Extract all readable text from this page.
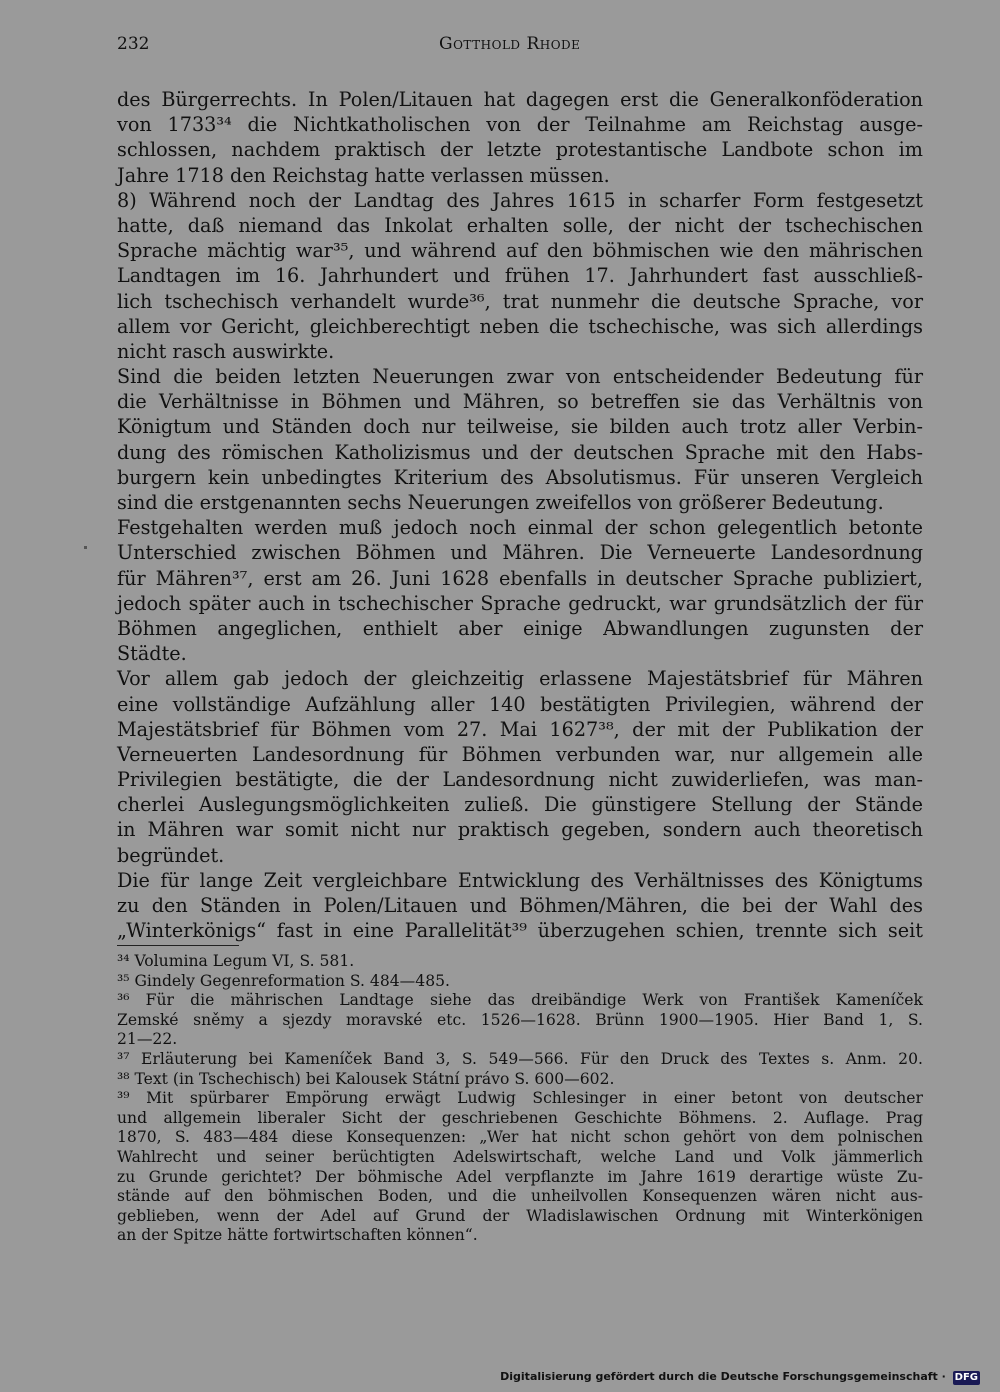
232	Gotthold Rhode
des Bürgerrechts. In Polen/Litauen hat dagegen erst die Generalkonföderation
von 1733³⁴ die Nichtkatholischen von der Teilnahme am Reichstag ausge-
schlossen, nachdem praktisch der letzte protestantische Landbote schon im
Jahre 1718 den Reichstag hatte verlassen müssen.
8) Während noch der Landtag des Jahres 1615 in scharfer Form festgesetzt
hatte, daß niemand das Inkolat erhalten solle, der nicht der tschechischen
Sprache mächtig war³⁵, und während auf den böhmischen wie den mährischen
Landtagen im 16. Jahrhundert und frühen 17. Jahrhundert fast ausschließ-
lich tschechisch verhandelt wurde³⁶, trat nunmehr die deutsche Sprache, vor
allem vor Gericht, gleichberechtigt neben die tschechische, was sich allerdings
nicht rasch auswirkte.
Sind die beiden letzten Neuerungen zwar von entscheidender Bedeutung für
die Verhältnisse in Böhmen und Mähren, so betreffen sie das Verhältnis von
Königtum und Ständen doch nur teilweise, sie bilden auch trotz aller Verbin-
dung des römischen Katholizismus und der deutschen Sprache mit den Habs-
burgern kein unbedingtes Kriterium des Absolutismus. Für unseren Vergleich
sind die erstgenannten sechs Neuerungen zweifellos von größerer Bedeutung.
Festgehalten werden muß jedoch noch einmal der schon gelegentlich betonte
Unterschied zwischen Böhmen und Mähren. Die Verneuerte Landesordnung
für Mähren³⁷, erst am 26. Juni 1628 ebenfalls in deutscher Sprache publiziert,
jedoch später auch in tschechischer Sprache gedruckt, war grundsätzlich der für
Böhmen angeglichen, enthielt aber einige Abwandlungen zugunsten der
Städte.
Vor allem gab jedoch der gleichzeitig erlassene Majestätsbrief für Mähren
eine vollständige Aufzählung aller 140 bestätigten Privilegien, während der
Majestätsbrief für Böhmen vom 27. Mai 1627³⁸, der mit der Publikation der
Verneuerten Landesordnung für Böhmen verbunden war, nur allgemein alle
Privilegien bestätigte, die der Landesordnung nicht zuwiderliefen, was man-
cherlei Auslegungsmöglichkeiten zuließ. Die günstigere Stellung der Stände
in Mähren war somit nicht nur praktisch gegeben, sondern auch theoretisch
begründet.
Die für lange Zeit vergleichbare Entwicklung des Verhältnisses des Königtums
zu den Ständen in Polen/Litauen und Böhmen/Mähren, die bei der Wahl des
„Winterkönigs“ fast in eine Parallelität³⁹ überzugehen schien, trennte sich seit
³⁴ Volumina Legum VI, S. 581.
³⁵ Gindely Gegenreformation S. 484—485.
³⁶ Für die mährischen Landtage siehe das dreibändige Werk von František Kameníček
Zemské sněmy a sjezdy moravské etc. 1526—1628. Brünn 1900—1905. Hier Band 1, S.
21—22.
³⁷ Erläuterung bei Kameníček Band 3, S. 549—566. Für den Druck des Textes s. Anm. 20.
³⁸ Text (in Tschechisch) bei Kalousek Státní právo S. 600—602.
³⁹ Mit spürbarer Empörung erwägt Ludwig Schlesinger in einer betont von deutscher
und allgemein liberaler Sicht der geschriebenen Geschichte Böhmens. 2. Auflage. Prag
1870, S. 483—484 diese Konsequenzen: „Wer hat nicht schon gehört von dem polnischen
Wahlrecht und seiner berüchtigten Adelswirtschaft, welche Land und Volk jämmerlich
zu Grunde gerichtet? Der böhmische Adel verpflanzte im Jahre 1619 derartige wüste Zu-
stände auf den böhmischen Boden, und die unheilvollen Konsequenzen wären nicht aus-
geblieben, wenn der Adel auf Grund der Wladislawischen Ordnung mit Winterkönigen
an der Spitze hätte fortwirtschaften können“.
Digitalisierung gefördert durch die Deutsche Forschungsgemeinschaft · DFG
